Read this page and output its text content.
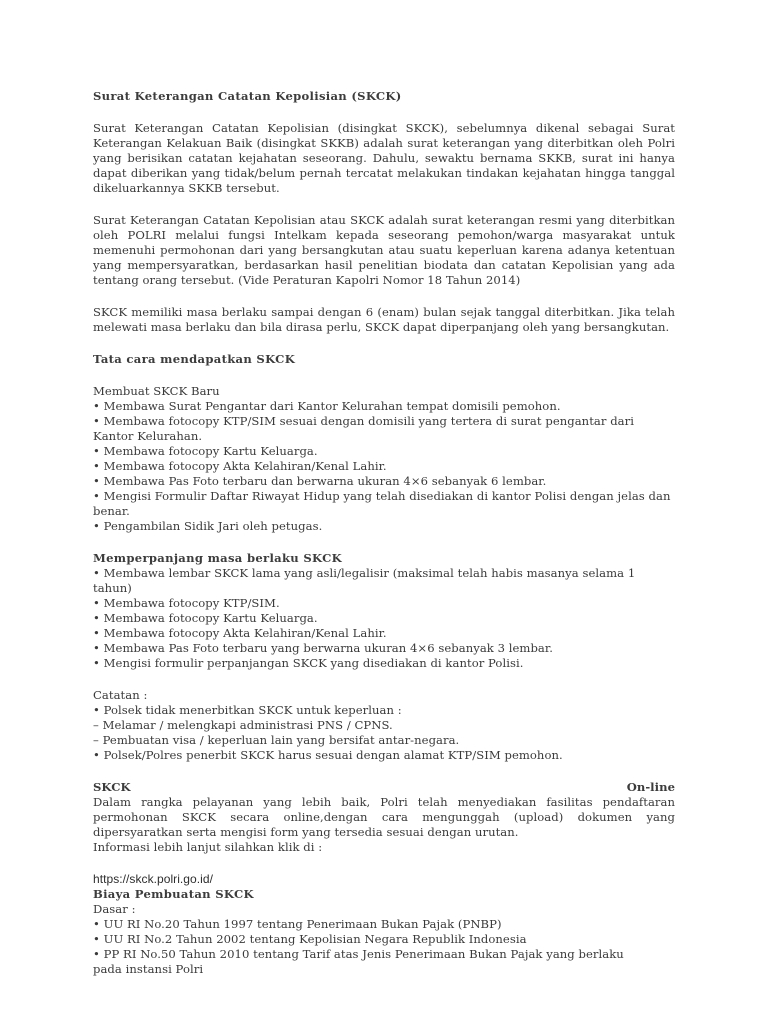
Surat Keterangan Catatan Kepolisian (SKCK)

Surat Keterangan Catatan Kepolisian (disingkat SKCK), sebelumnya dikenal sebagai Surat Keterangan Kelakuan Baik (disingkat SKKB) adalah surat keterangan yang diterbitkan oleh Polri yang berisikan catatan kejahatan seseorang. Dahulu, sewaktu bernama SKKB, surat ini hanya dapat diberikan yang tidak/belum pernah tercatat melakukan tindakan kejahatan hingga tanggal dikeluarkannya SKKB tersebut.

Surat Keterangan Catatan Kepolisian atau SKCK adalah surat keterangan resmi yang diterbitkan oleh POLRI melalui fungsi Intelkam kepada seseorang pemohon/warga masyarakat untuk memenuhi permohonan dari yang bersangkutan atau suatu keperluan karena adanya ketentuan yang mempersyaratkan, berdasarkan hasil penelitian biodata dan catatan Kepolisian yang ada tentang orang tersebut. (Vide Peraturan Kapolri Nomor 18 Tahun 2014)

SKCK memiliki masa berlaku sampai dengan 6 (enam) bulan sejak tanggal diterbitkan. Jika telah melewati masa berlaku dan bila dirasa perlu, SKCK dapat diperpanjang oleh yang bersangkutan.

Tata cara mendapatkan SKCK

Membuat SKCK Baru

• Membawa Surat Pengantar dari Kantor Kelurahan tempat domisili pemohon.

• Membawa fotocopy KTP/SIM sesuai dengan domisili yang tertera di surat pengantar dari

Kantor Kelurahan.

• Membawa fotocopy Kartu Keluarga.

• Membawa fotocopy Akta Kelahiran/Kenal Lahir.

• Membawa Pas Foto terbaru dan berwarna ukuran 4×6 sebanyak 6 lembar.

• Mengisi Formulir Daftar Riwayat Hidup yang telah disediakan di kantor Polisi dengan jelas dan benar.

• Pengambilan Sidik Jari oleh petugas.

Memperpanjang masa berlaku SKCK

• Membawa lembar SKCK lama yang asli/legalisir (maksimal telah habis masanya selama 1 tahun)

• Membawa fotocopy KTP/SIM.

• Membawa fotocopy Kartu Keluarga.

• Membawa fotocopy Akta Kelahiran/Kenal Lahir.

• Membawa Pas Foto terbaru yang berwarna ukuran 4×6 sebanyak 3 lembar.

• Mengisi formulir perpanjangan SKCK yang disediakan di kantor Polisi.

Catatan :

• Polsek tidak menerbitkan SKCK untuk keperluan :

– Melamar / melengkapi administrasi PNS / CPNS.

– Pembuatan visa / keperluan lain yang bersifat antar-negara.

• Polsek/Polres penerbit SKCK harus sesuai dengan alamat KTP/SIM pemohon.

SKCK	On-line

Dalam rangka pelayanan yang lebih baik, Polri telah menyediakan fasilitas pendaftaran permohonan SKCK secara online,dengan cara mengunggah (upload) dokumen yang dipersyaratkan serta mengisi form yang tersedia sesuai dengan urutan.

Informasi lebih lanjut silahkan klik di :

https://skck.polri.go.id/

Biaya Pembuatan SKCK

Dasar :

• UU RI No.20 Tahun 1997 tentang Penerimaan Bukan Pajak (PNBP)

• UU RI No.2 Tahun 2002 tentang Kepolisian Negara Republik Indonesia

• PP RI No.50 Tahun 2010 tentang Tarif atas Jenis Penerimaan Bukan Pajak yang berlaku

pada instansi Polri
